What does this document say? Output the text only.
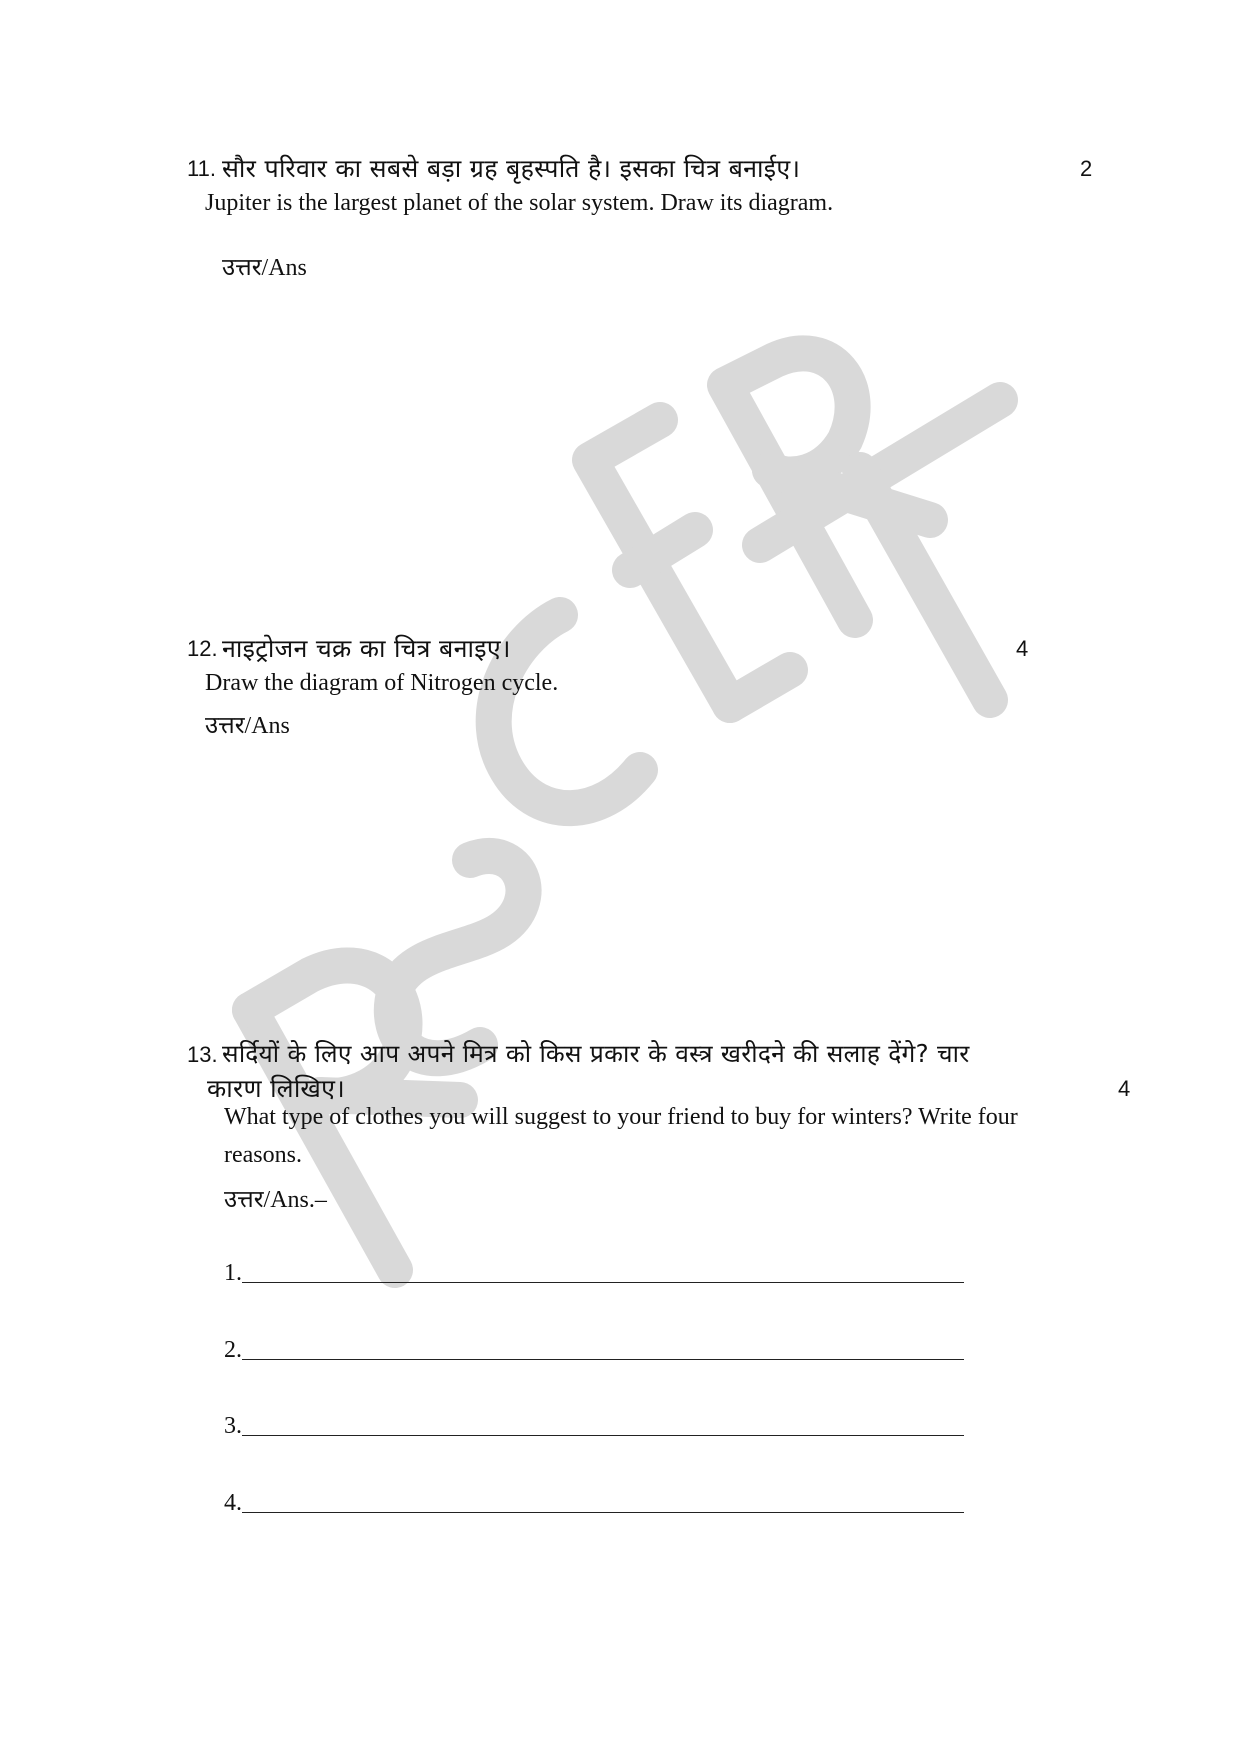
11. सौर परिवार का सबसे बड़ा ग्रह बृहस्पति है। इसका चित्र बनाईए।	2
Jupiter is the largest planet of the solar system. Draw its diagram.
उत्तर/Ans
12. नाइट्रोजन चक्र का चित्र बनाइए।	4
Draw the diagram of Nitrogen cycle.
उत्तर/Ans
13. सर्दियों के लिए आप अपने मित्र को किस प्रकार के वस्त्र खरीदने की सलाह देंगे? चार
कारण लिखिए।	4
What type of clothes you will suggest to your friend to buy for winters? Write four
reasons.
उत्तर/Ans.–
1.
2.
3.
4.
